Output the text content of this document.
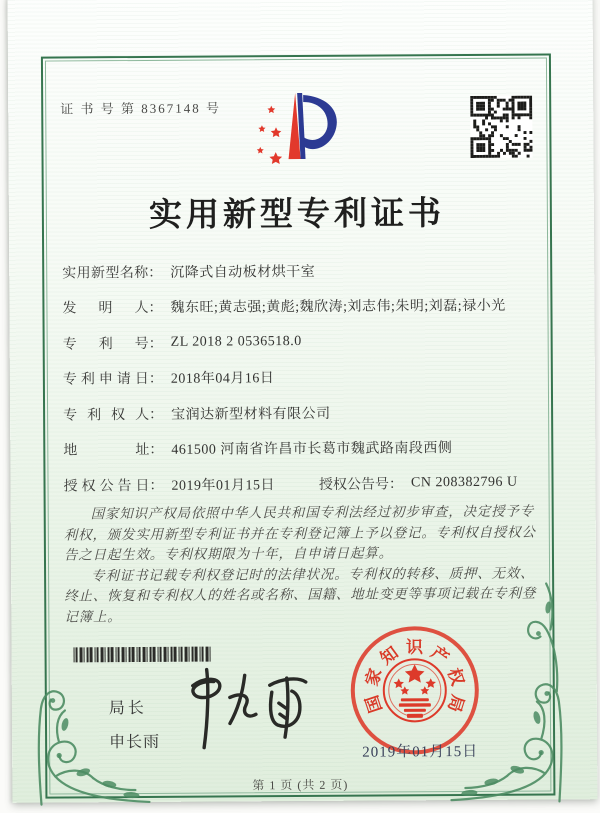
证 书 号 第 8367148 号
实用新型专利证书
实用新型名称 ： 沉降式自动板材烘干室
发明人 ： 魏东旺;黄志强;黄彪;魏欣涛;刘志伟;朱明;刘磊;禄小光
专利号 ： ZL 2018 2 0536518.0
专利申请日 ： 2018年04月16日
专利权人 ： 宝润达新型材料有限公司
地址 ： 461500 河南省许昌市长葛市魏武路南段西侧
授权公告日 ： 2019年01月15日	授权公告号 ： CN 208382796 U

国家知识产权局依照中华人民共和国专利法经过初步审查，决定授予专利权，颁发实用新型专利证书并在专利登记簿上予以登记。专利权自授权公告之日起生效。专利权期限为十年，自申请日起算。

专利证书记载专利权登记时的法律状况。专利权的转移、质押、无效、终止、恢复和专利权人的姓名或名称、国籍、地址变更等事项记载在专利登记簿上。

局长
申长雨
国
家
知 识 产
权
局
2019年01月15日
第 1 页 (共 2 页)
